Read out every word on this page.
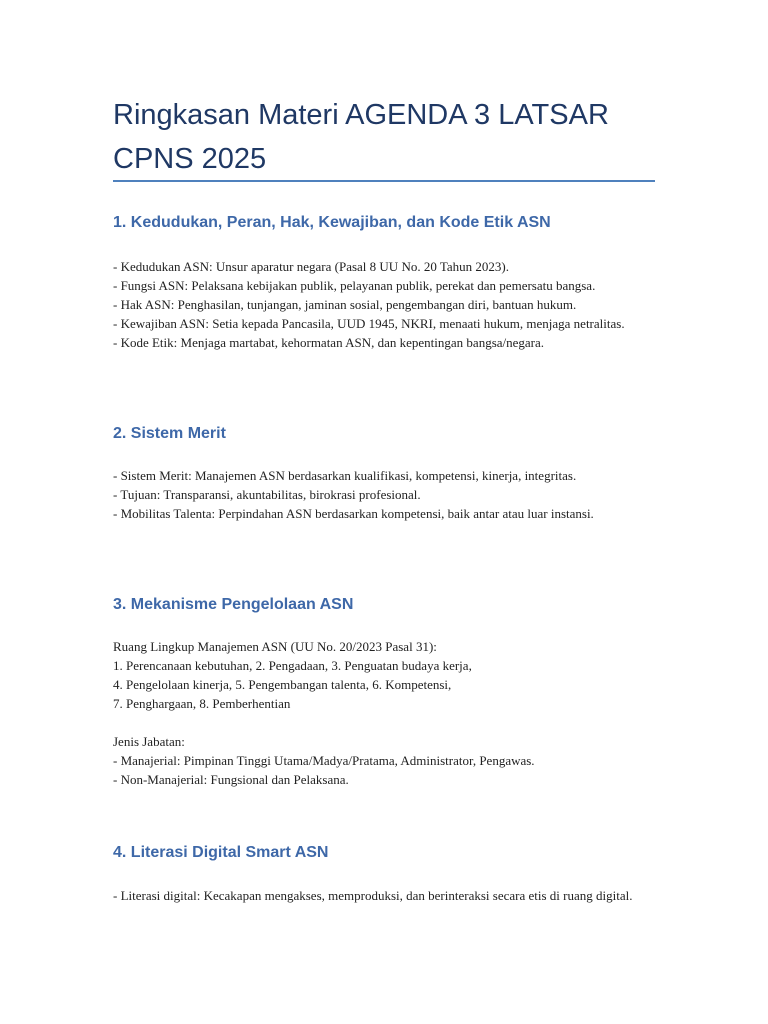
Ringkasan Materi AGENDA 3 LATSAR CPNS 2025
1. Kedudukan, Peran, Hak, Kewajiban, dan Kode Etik ASN

- Kedudukan ASN: Unsur aparatur negara (Pasal 8 UU No. 20 Tahun 2023).

- Fungsi ASN: Pelaksana kebijakan publik, pelayanan publik, perekat dan pemersatu bangsa.

- Hak ASN: Penghasilan, tunjangan, jaminan sosial, pengembangan diri, bantuan hukum.

- Kewajiban ASN: Setia kepada Pancasila, UUD 1945, NKRI, menaati hukum, menjaga netralitas.

- Kode Etik: Menjaga martabat, kehormatan ASN, dan kepentingan bangsa/negara.

2. Sistem Merit

- Sistem Merit: Manajemen ASN berdasarkan kualifikasi, kompetensi, kinerja, integritas.

- Tujuan: Transparansi, akuntabilitas, birokrasi profesional.

- Mobilitas Talenta: Perpindahan ASN berdasarkan kompetensi, baik antar atau luar instansi.

3. Mekanisme Pengelolaan ASN

Ruang Lingkup Manajemen ASN (UU No. 20/2023 Pasal 31):

1. Perencanaan kebutuhan, 2. Pengadaan, 3. Penguatan budaya kerja,

4. Pengelolaan kinerja, 5. Pengembangan talenta, 6. Kompetensi,

7. Penghargaan, 8. Pemberhentian

Jenis Jabatan:

- Manajerial: Pimpinan Tinggi Utama/Madya/Pratama, Administrator, Pengawas.

- Non-Manajerial: Fungsional dan Pelaksana.

4. Literasi Digital Smart ASN

- Literasi digital: Kecakapan mengakses, memproduksi, dan berinteraksi secara etis di ruang digital.
